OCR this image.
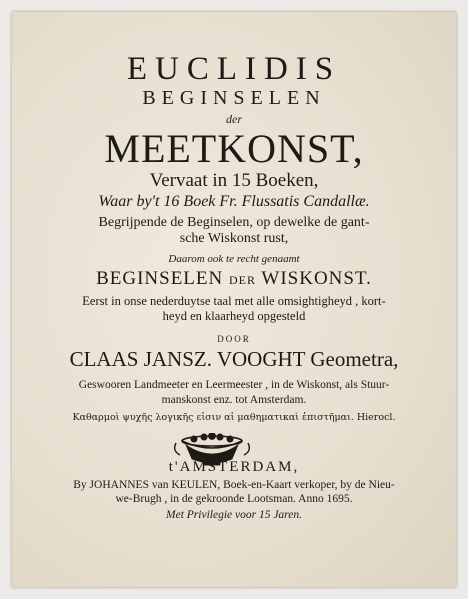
EUCLIDIS
BEGINSELEN
der
MEETKONST,
Vervaat in 15 Boeken,
Waar by't 16 Boek Fr. Flussatis Candallæ.
Begrijpende de Beginselen, op dewelke de gant-
sche Wiskonst rust,
Daarom ook te recht genaamt
BEGINSELEN DER WISKONST.
Eerst in onse nederduytse taal met alle omsightigheyd , kort-
heyd en klaarheyd opgesteld
DOOR
CLAAS JANSZ. VOOGHT Geometra,
Geswooren Landmeeter en Leermeester , in de Wiskonst, als Stuur-
manskonst enz. tot Amsterdam.
Καθαρμοὶ ψυχῆς λογικῆς εἰσιν αἱ μαθηματικαὶ ἐπιστῆμαι. Hierocl.
t'AMSTERDAM,
By JOHANNES van KEULEN, Boek-en-Kaart verkoper, by de Nieu-
we-Brugh , in de gekroonde Lootsman. Anno 1695.
Met Privilegie voor 15 Jaren.
